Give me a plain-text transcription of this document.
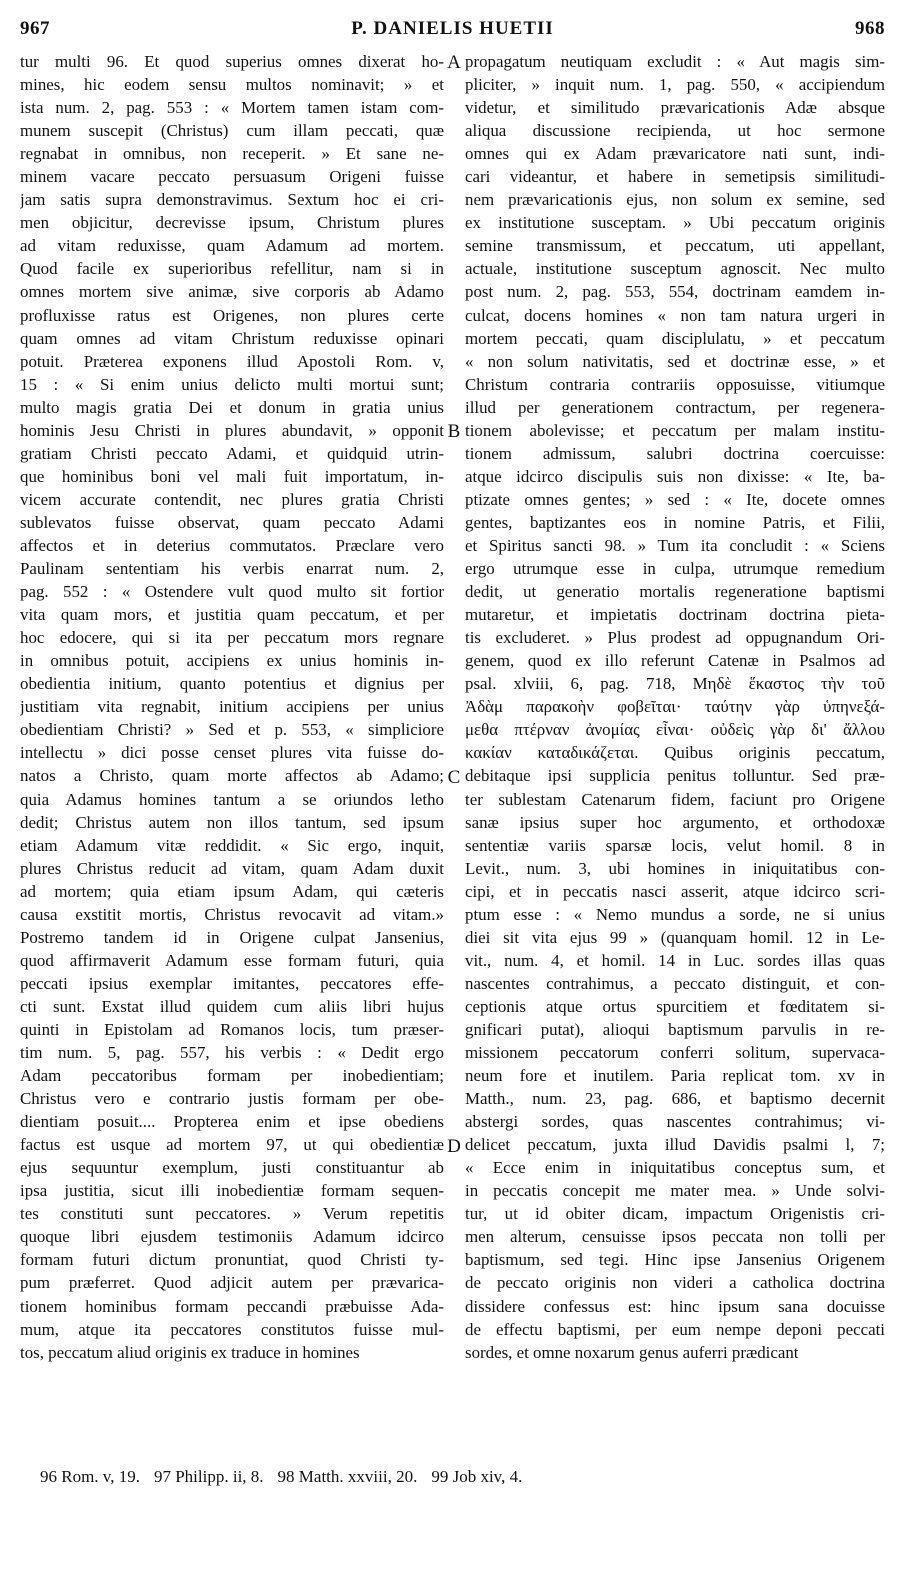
967	P. DANIELIS HUETII	968
tur multi 96. Et quod superius omnes dixerat ho-
mines, hic eodem sensu multos nominavit; » et
ista num. 2, pag. 553 : « Mortem tamen istam com-
munem suscepit (Christus) cum illam peccati, quæ
regnabat in omnibus, non receperit. » Et sane ne-
minem vacare peccato persuasum Origeni fuisse
jam satis supra demonstravimus. Sextum hoc ei cri-
men objicitur, decrevisse ipsum, Christum plures
ad vitam reduxisse, quam Adamum ad mortem.
Quod facile ex superioribus refellitur, nam si in
omnes mortem sive animæ, sive corporis ab Adamo
profluxisse ratus est Origenes, non plures certe
quam omnes ad vitam Christum reduxisse opinari
potuit. Præterea exponens illud Apostoli Rom. v,
15 : « Si enim unius delicto multi mortui sunt;
multo magis gratia Dei et donum in gratia unius
hominis Jesu Christi in plures abundavit, » opponit
gratiam Christi peccato Adami, et quidquid utrin-
que hominibus boni vel mali fuit importatum, in-
vicem accurate contendit, nec plures gratia Christi
sublevatos fuisse observat, quam peccato Adami
affectos et in deterius commutatos. Præclare vero
Paulinam sententiam his verbis enarrat num. 2,
pag. 552 : « Ostendere vult quod multo sit fortior
vita quam mors, et justitia quam peccatum, et per
hoc edocere, qui si ita per peccatum mors regnare
in omnibus potuit, accipiens ex unius hominis in-
obedientia initium, quanto potentius et dignius per
justitiam vita regnabit, initium accipiens per unius
obedientiam Christi? » Sed et p. 553, « simpliciore
intellectu » dici posse censet plures vita fuisse do-
natos a Christo, quam morte affectos ab Adamo;
quia Adamus homines tantum a se oriundos letho
dedit; Christus autem non illos tantum, sed ipsum
etiam Adamum vitæ reddidit. « Sic ergo, inquit,
plures Christus reducit ad vitam, quam Adam duxit
ad mortem; quia etiam ipsum Adam, qui cæteris
causa exstitit mortis, Christus revocavit ad vitam.»
Postremo tandem id in Origene culpat Jansenius,
quod affirmaverit Adamum esse formam futuri, quia
peccati ipsius exemplar imitantes, peccatores effe-
cti sunt. Exstat illud quidem cum aliis libri hujus
quinti in Epistolam ad Romanos locis, tum præser-
tim num. 5, pag. 557, his verbis : « Dedit ergo
Adam peccatoribus formam per inobedientiam;
Christus vero e contrario justis formam per obe-
dientiam posuit.... Propterea enim et ipse obediens
factus est usque ad mortem 97, ut qui obedientiæ
ejus sequuntur exemplum, justi constituantur ab
ipsa justitia, sicut illi inobedientiæ formam sequen-
tes constituti sunt peccatores. » Verum repetitis
quoque libri ejusdem testimoniis Adamum idcirco
formam futuri dictum pronuntiat, quod Christi ty-
pum præferret. Quod adjicit autem per prævarica-
tionem hominibus formam peccandi præbuisse Ada-
mum, atque ita peccatores constitutos fuisse mul-
tos, peccatum aliud originis ex traduce in homines
propagatum neutiquam excludit : « Aut magis sim-
pliciter, » inquit num. 1, pag. 550, « accipiendum
videtur, et similitudo prævaricationis Adæ absque
aliqua discussione recipienda, ut hoc sermone
omnes qui ex Adam prævaricatore nati sunt, indi-
cari videantur, et habere in semetipsis similitudi-
nem prævaricationis ejus, non solum ex semine, sed
ex institutione susceptam. » Ubi peccatum originis
semine transmissum, et peccatum, uti appellant,
actuale, institutione susceptum agnoscit. Nec multo
post num. 2, pag. 553, 554, doctrinam eamdem in-
culcat, docens homines « non tam natura urgeri in
mortem peccati, quam disciplulatu, » et peccatum
« non solum nativitatis, sed et doctrinæ esse, » et
Christum contraria contrariis opposuisse, vitiumque
illud per generationem contractum, per regenera-
tionem abolevisse; et peccatum per malam institu-
tionem admissum, salubri doctrina coercuisse:
atque idcirco discipulis suis non dixisse: « Ite, ba-
ptizate omnes gentes; » sed : « Ite, docete omnes
gentes, baptizantes eos in nomine Patris, et Filii,
et Spiritus sancti 98. » Tum ita concludit : « Sciens
ergo utrumque esse in culpa, utrumque remedium
dedit, ut generatio mortalis regeneratione baptismi
mutaretur, et impietatis doctrinam doctrina pieta-
tis excluderet. » Plus prodest ad oppugnandum Ori-
genem, quod ex illo referunt Catenæ in Psalmos ad
psal. xlviii, 6, pag. 718, Μηδὲ ἕκαστος τὴν τοῦ
Ἀδὰμ παρακοὴν φοβεῖται· ταύτην γὰρ ὑπηνεξά-
μεθα πτέρναν ἀνομίας εἶναι· οὐδεὶς γὰρ δι' ἄλλου
κακίαν καταδικάζεται. Quibus originis peccatum,
debitaque ipsi supplicia penitus tolluntur. Sed præ-
ter sublestam Catenarum fidem, faciunt pro Origene
sanæ ipsius super hoc argumento, et orthodoxæ
sententiæ variis sparsæ locis, velut homil. 8 in
Levit., num. 3, ubi homines in iniquitatibus con-
cipi, et in peccatis nasci asserit, atque idcirco scri-
ptum esse : « Nemo mundus a sorde, ne si unius
diei sit vita ejus 99 » (quanquam homil. 12 in Le-
vit., num. 4, et homil. 14 in Luc. sordes illas quas
nascentes contrahimus, a peccato distinguit, et con-
ceptionis atque ortus spurcitiem et fœditatem si-
gnificari putat), alioqui baptismum parvulis in re-
missionem peccatorum conferri solitum, supervaca-
neum fore et inutilem. Paria replicat tom. xv in
Matth., num. 23, pag. 686, et baptismo decernit
abstergi sordes, quas nascentes contrahimus; vi-
delicet peccatum, juxta illud Davidis psalmi l, 7;
« Ecce enim in iniquitatibus conceptus sum, et
in peccatis concepit me mater mea. » Unde solvi-
tur, ut id obiter dicam, impactum Origenistis cri-
men alterum, censuisse ipsos peccata non tolli per
baptismum, sed tegi. Hinc ipse Jansenius Origenem
de peccato originis non videri a catholica doctrina
dissidere confessus est: hinc ipsum sana docuisse
de effectu baptismi, per eum nempe deponi peccati
sordes, et omne noxarum genus auferri prædicant
A
B
C
D
96 Rom. v, 19. 97 Philipp. ii, 8. 98 Matth. xxviii, 20. 99 Job xiv, 4.
